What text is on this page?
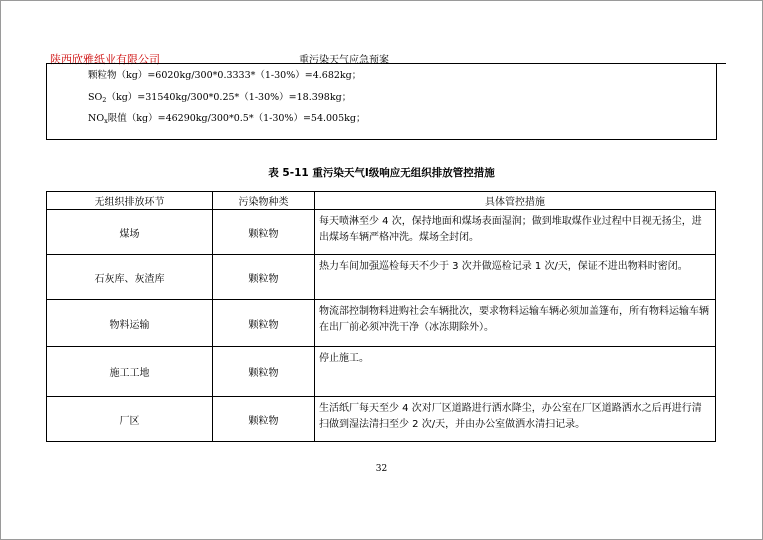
陕西欣雅纸业有限公司	重污染天气应急预案
颗粒物（kg）=6020kg/300*0.3333*（1-30%）=4.682kg；
$SO_2(kg)=31540kg/300*0.25*(1-30\%)=18.398kg$；
$NO_x$限值（kg）=46290kg/300*0.5*（1-30%）=54.005kg；
表 5-11 重污染天气Ⅰ级响应无组织排放管控措施
无组织排放环节	污染物种类	具体管控措施
煤场	颗粒物	每天喷淋至少 4 次，保持地面和煤场表面湿润；做到堆取煤作业过程中目视无扬尘，进出煤场车辆严格冲洗。煤场全封闭。
石灰库、灰渣库	颗粒物	热力车间加强巡检每天不少于 3 次并做巡检记录 1 次/天，保证不进出物料时密闭。
物料运输	颗粒物	物流部控制物料进购社会车辆批次，要求物料运输车辆必须加盖篷布，所有物料运输车辆在出厂前必须冲洗干净（冰冻期除外）。
施工工地	颗粒物	停止施工。
厂区	颗粒物	生活纸厂每天至少 4 次对厂区道路进行洒水降尘，办公室在厂区道路洒水之后再进行清扫做到湿法清扫至少 2 次/天，并由办公室做洒水清扫记录。
32
